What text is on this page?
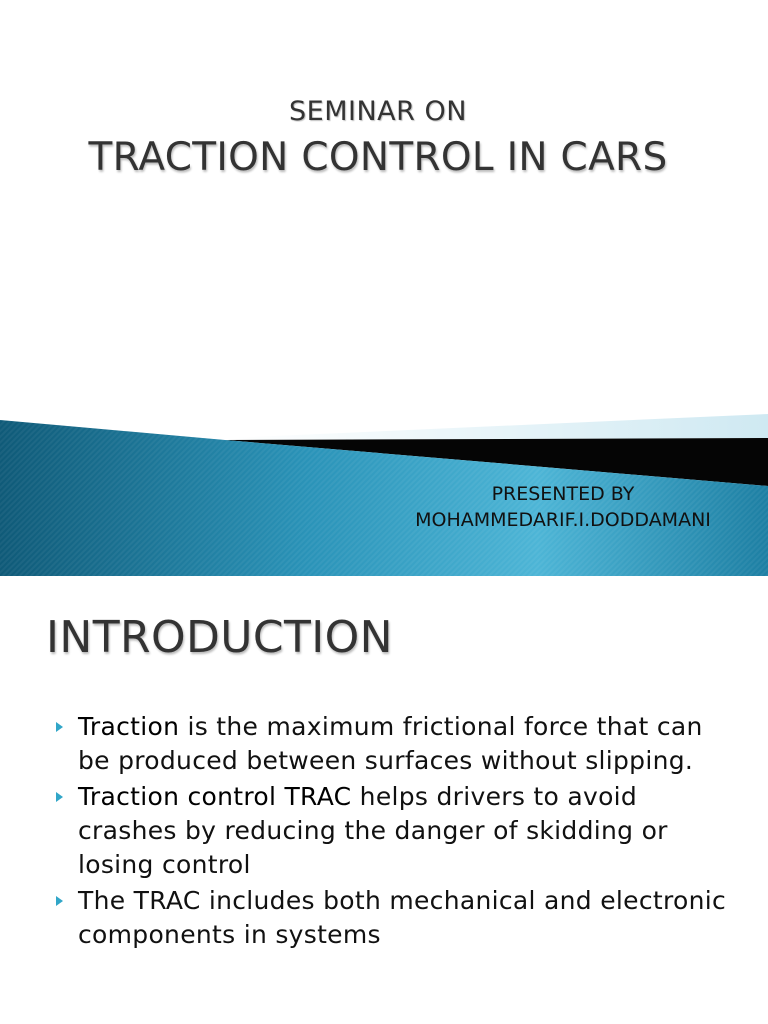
SEMINAR ON
TRACTION CONTROL IN CARS
PRESENTED BY
MOHAMMEDARIF.I.DODDAMANI
INTRODUCTION
Traction is the maximum frictional force that can be produced between surfaces without slipping.
Traction control TRAC helps drivers to avoid crashes by reducing the danger of skidding or losing control
The TRAC includes both mechanical and electronic components in systems
